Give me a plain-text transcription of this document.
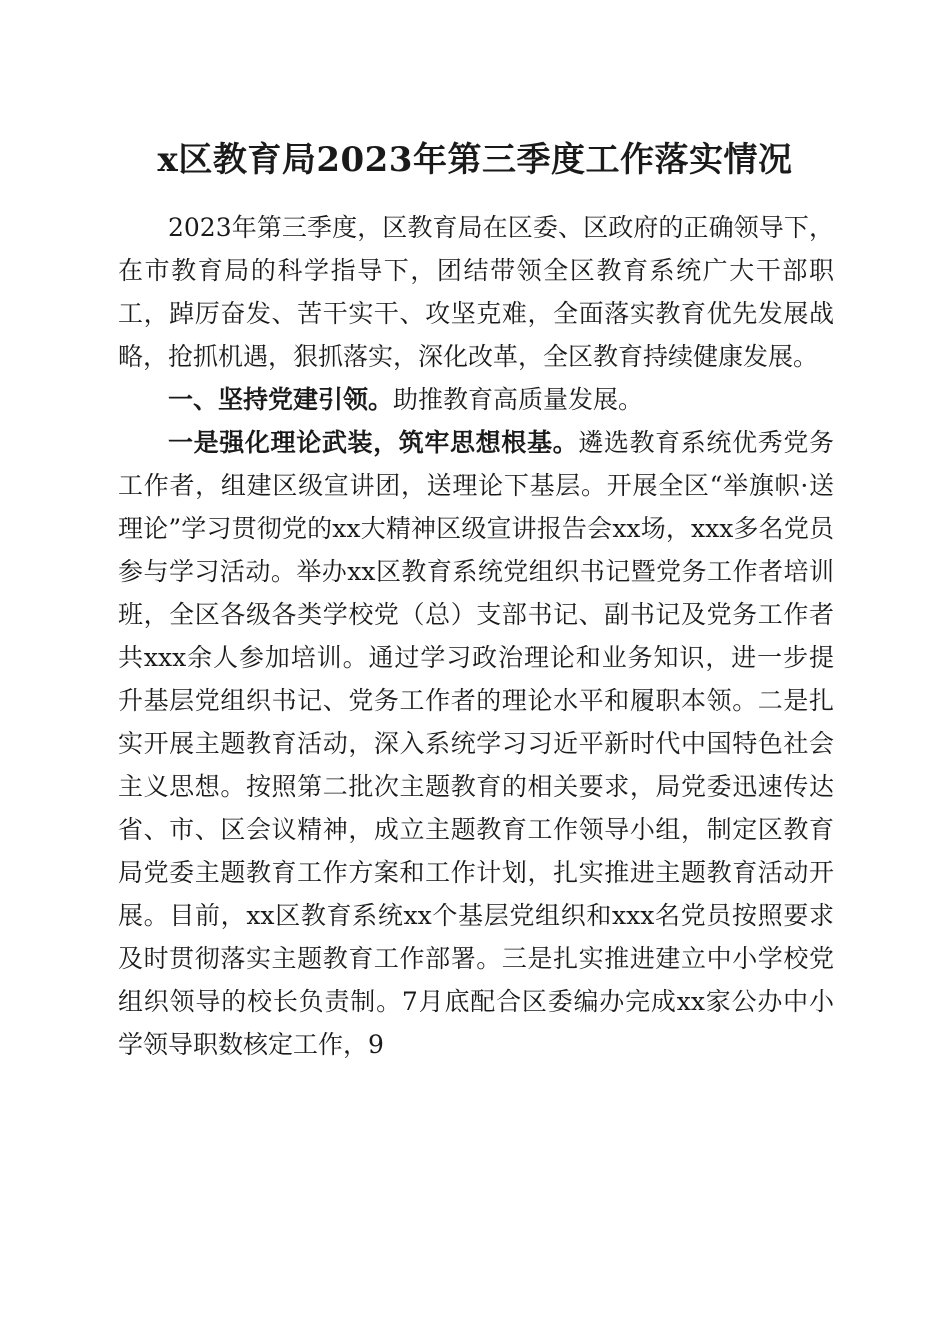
x区教育局2023年第三季度工作落实情况

2023年第三季度，区教育局在区委、区政府的正确领导下，在市教育局的科学指导下，团结带领全区教育系统广大干部职工，踔厉奋发、苦干实干、攻坚克难，全面落实教育优先发展战略，抢抓机遇，狠抓落实，深化改革，全区教育持续健康发展。

一、坚持党建引领。助推教育高质量发展。

一是强化理论武装，筑牢思想根基。遴选教育系统优秀党务工作者，组建区级宣讲团，送理论下基层。开展全区“举旗帜·送理论”学习贯彻党的xx大精神区级宣讲报告会xx场，xxx多名党员参与学习活动。举办xx区教育系统党组织书记暨党务工作者培训班，全区各级各类学校党（总）支部书记、副书记及党务工作者共xxx余人参加培训。通过学习政治理论和业务知识，进一步提升基层党组织书记、党务工作者的理论水平和履职本领。二是扎实开展主题教育活动，深入系统学习习近平新时代中国特色社会主义思想。按照第二批次主题教育的相关要求，局党委迅速传达省、市、区会议精神，成立主题教育工作领导小组，制定区教育局党委主题教育工作方案和工作计划，扎实推进主题教育活动开展。目前，xx区教育系统xx个基层党组织和xxx名党员按照要求及时贯彻落实主题教育工作部署。三是扎实推进建立中小学校党组织领导的校长负责制。7月底配合区委编办完成xx家公办中小学领导职数核定工作，9
